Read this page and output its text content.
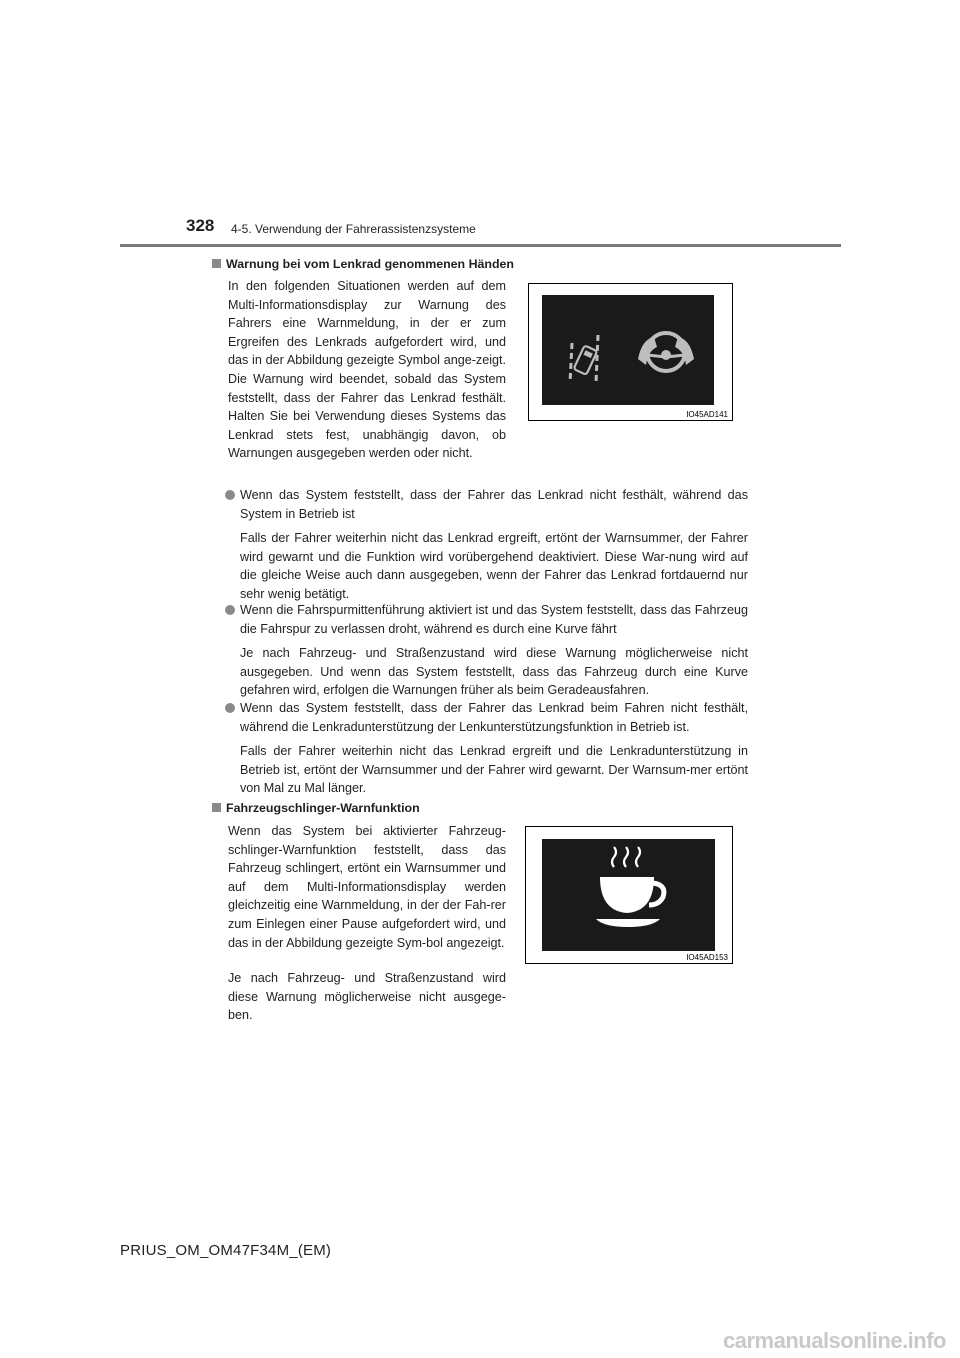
328 4-5. Verwendung der Fahrerassistenzsysteme
Warnung bei vom Lenkrad genommenen Händen

In den folgenden Situationen werden auf dem Multi-Informationsdisplay zur Warnung des Fahrers eine Warnmeldung, in der er zum Ergreifen des Lenkrads aufgefordert wird, und das in der Abbildung gezeigte Symbol ange-zeigt. Die Warnung wird beendet, sobald das System feststellt, dass der Fahrer das Lenkrad festhält. Halten Sie bei Verwendung dieses Systems das Lenkrad stets fest, unabhängig davon, ob Warnungen ausgegeben werden oder nicht.

IO45AD141
Wenn das System feststellt, dass der Fahrer das Lenkrad nicht festhält, während das System in Betrieb ist
Falls der Fahrer weiterhin nicht das Lenkrad ergreift, ertönt der Warnsummer, der Fahrer wird gewarnt und die Funktion wird vorübergehend deaktiviert. Diese War-nung wird auf die gleiche Weise auch dann ausgegeben, wenn der Fahrer das Lenkrad fortdauernd nur sehr wenig betätigt.
Wenn die Fahrspurmittenführung aktiviert ist und das System feststellt, dass das Fahrzeug die Fahrspur zu verlassen droht, während es durch eine Kurve fährt
Je nach Fahrzeug- und Straßenzustand wird diese Warnung möglicherweise nicht ausgegeben. Und wenn das System feststellt, dass das Fahrzeug durch eine Kurve gefahren wird, erfolgen die Warnungen früher als beim Geradeausfahren.
Wenn das System feststellt, dass der Fahrer das Lenkrad beim Fahren nicht festhält, während die Lenkradunterstützung der Lenkunterstützungsfunktion in Betrieb ist.
Falls der Fahrer weiterhin nicht das Lenkrad ergreift und die Lenkradunterstützung in Betrieb ist, ertönt der Warnsummer und der Fahrer wird gewarnt. Der Warnsum-mer ertönt von Mal zu Mal länger.
Fahrzeugschlinger-Warnfunktion

Wenn das System bei aktivierter Fahrzeug-schlinger-Warnfunktion feststellt, dass das Fahrzeug schlingert, ertönt ein Warnsummer und auf dem Multi-Informationsdisplay werden gleichzeitig eine Warnmeldung, in der der Fah-rer zum Einlegen einer Pause aufgefordert wird, und das in der Abbildung gezeigte Sym-bol angezeigt.

Je nach Fahrzeug- und Straßenzustand wird diese Warnung möglicherweise nicht ausgege-ben.

IO45AD153
PRIUS_OM_OM47F34M_(EM)
carmanualsonline.info
